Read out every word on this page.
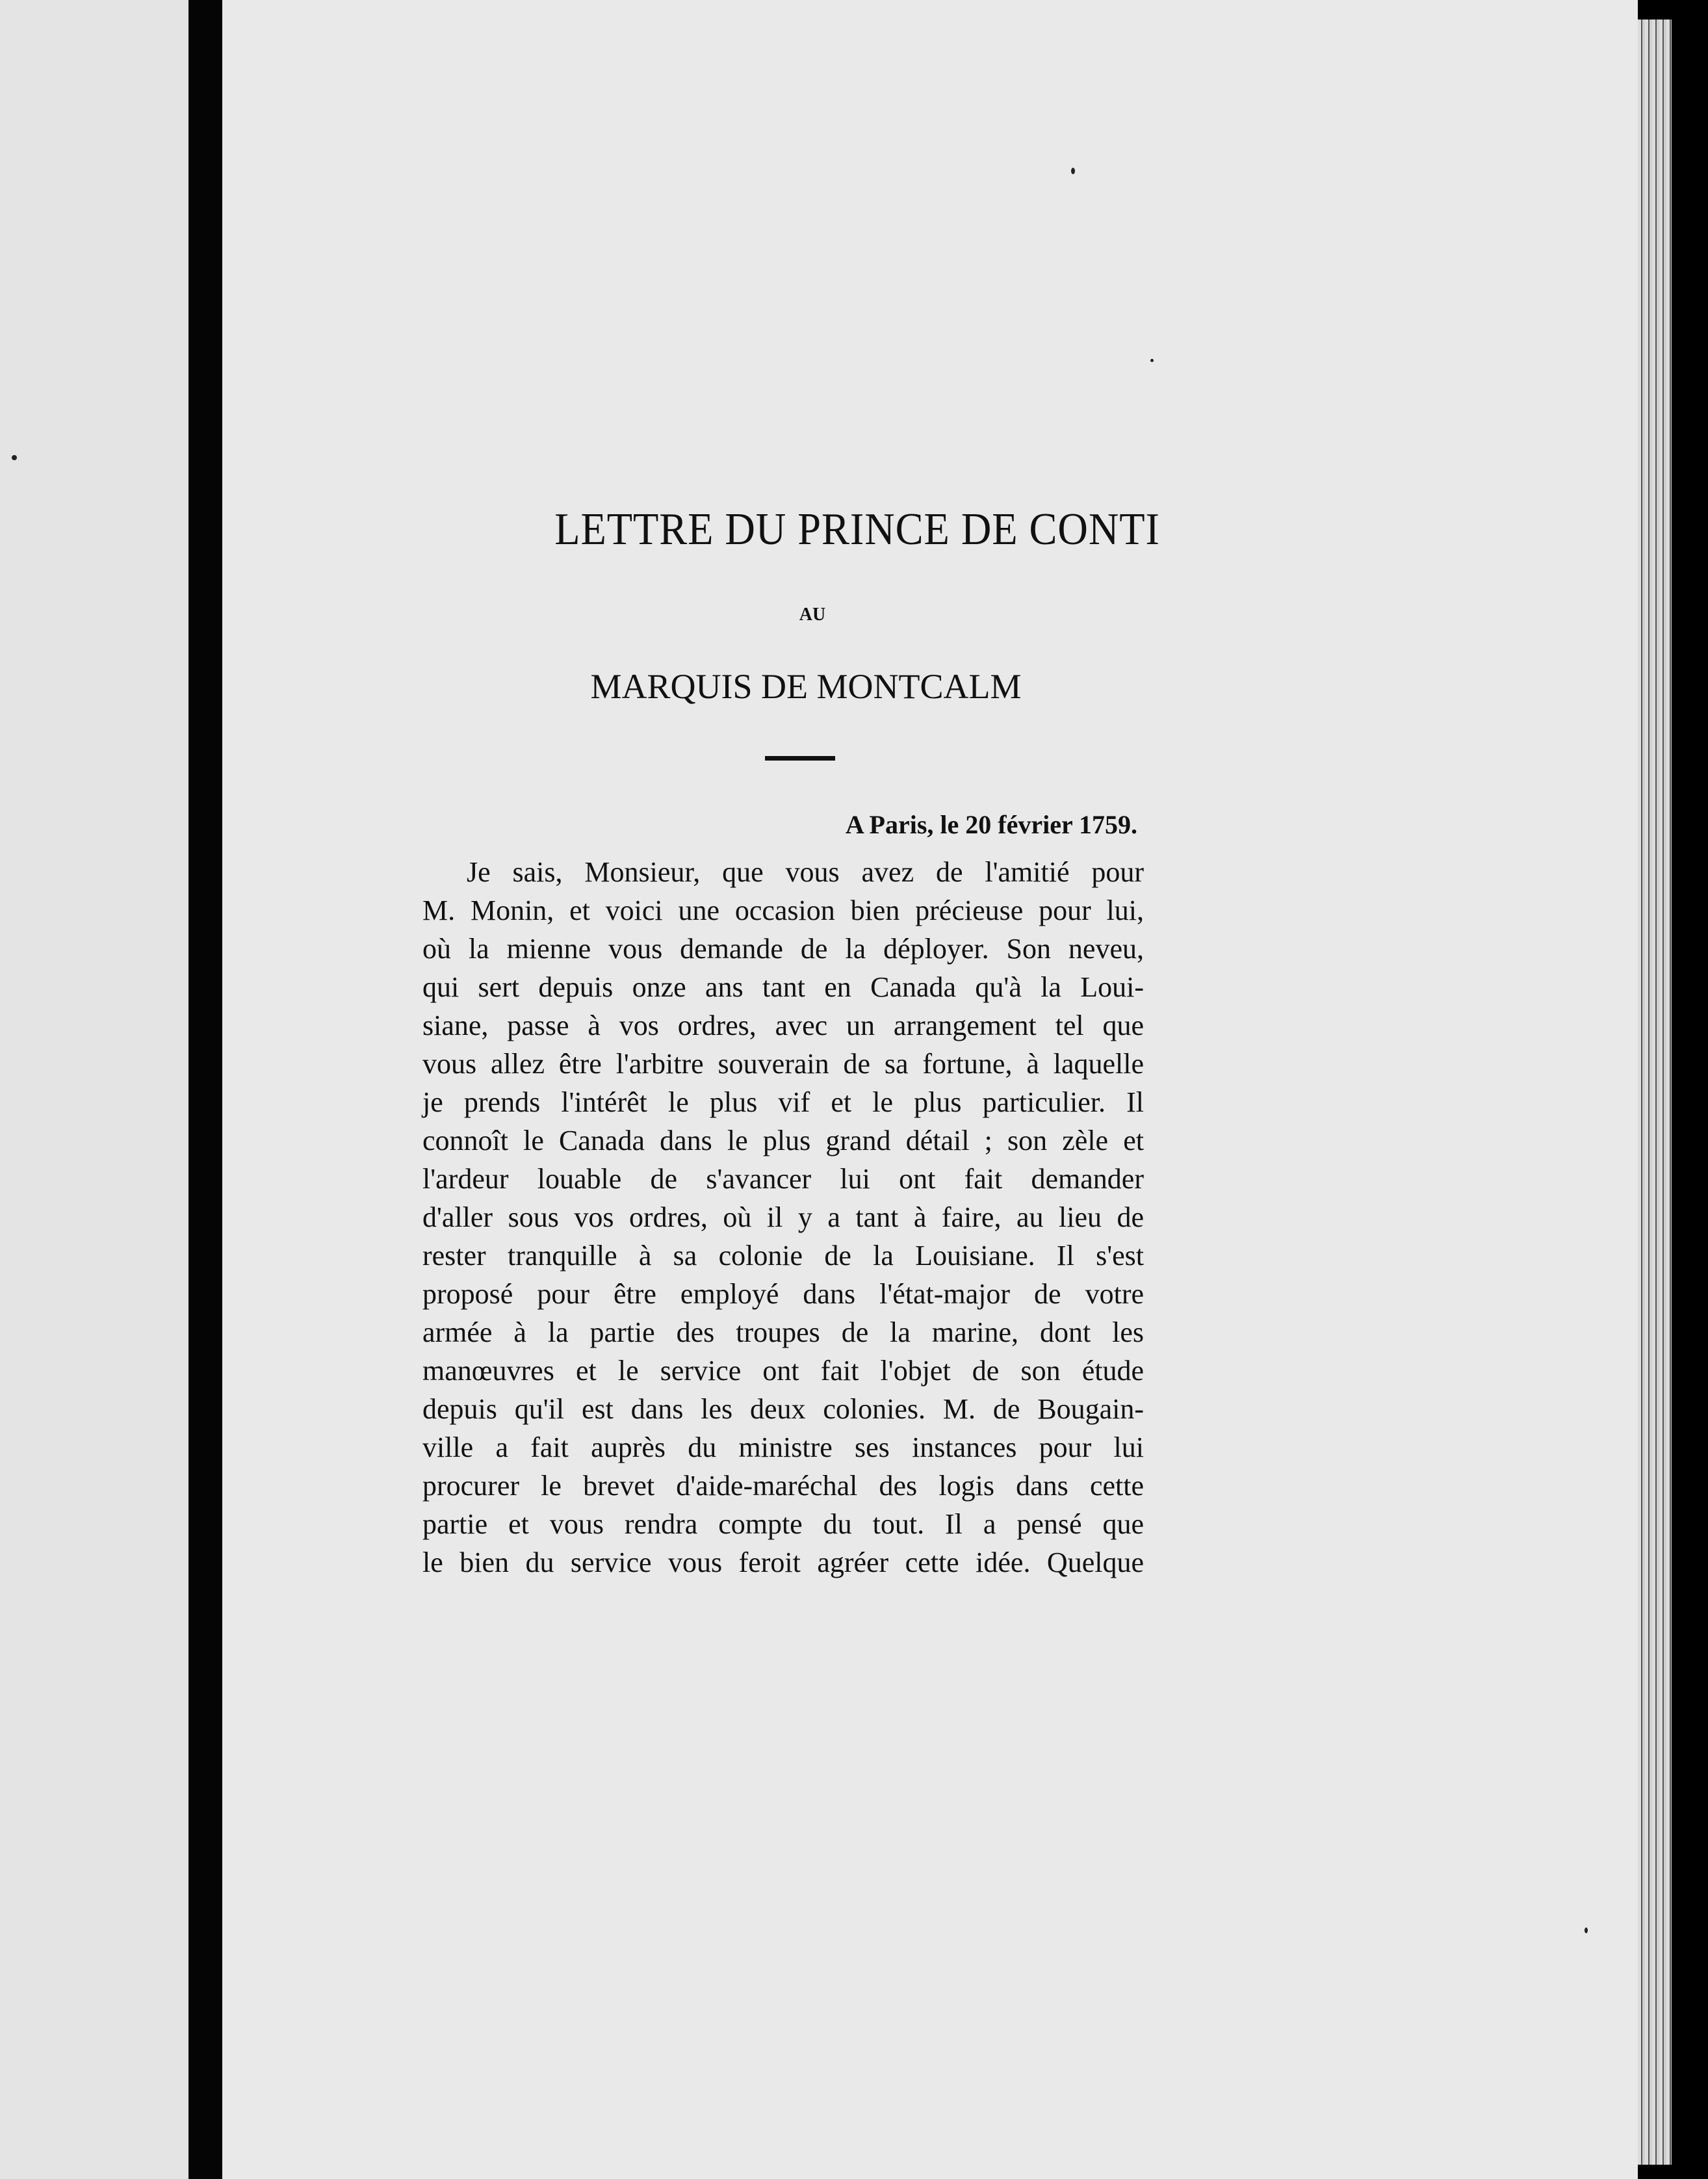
LETTRE DU PRINCE DE CONTI
AU
MARQUIS DE MONTCALM
A Paris, le 20 février 1759.
Je sais, Monsieur, que vous avez de l'amitié pour
M. Monin, et voici une occasion bien précieuse pour lui,
où la mienne vous demande de la déployer. Son neveu,
qui sert depuis onze ans tant en Canada qu'à la Loui-
siane, passe à vos ordres, avec un arrangement tel que
vous allez être l'arbitre souverain de sa fortune, à laquelle
je prends l'intérêt le plus vif et le plus particulier. Il
connoît le Canada dans le plus grand détail ; son zèle et
l'ardeur louable de s'avancer lui ont fait demander
d'aller sous vos ordres, où il y a tant à faire, au lieu de
rester tranquille à sa colonie de la Louisiane. Il s'est
proposé pour être employé dans l'état-major de votre
armée à la partie des troupes de la marine, dont les
manœuvres et le service ont fait l'objet de son étude
depuis qu'il est dans les deux colonies. M. de Bougain-
ville a fait auprès du ministre ses instances pour lui
procurer le brevet d'aide-maréchal des logis dans cette
partie et vous rendra compte du tout. Il a pensé que
le bien du service vous feroit agréer cette idée. Quelque
